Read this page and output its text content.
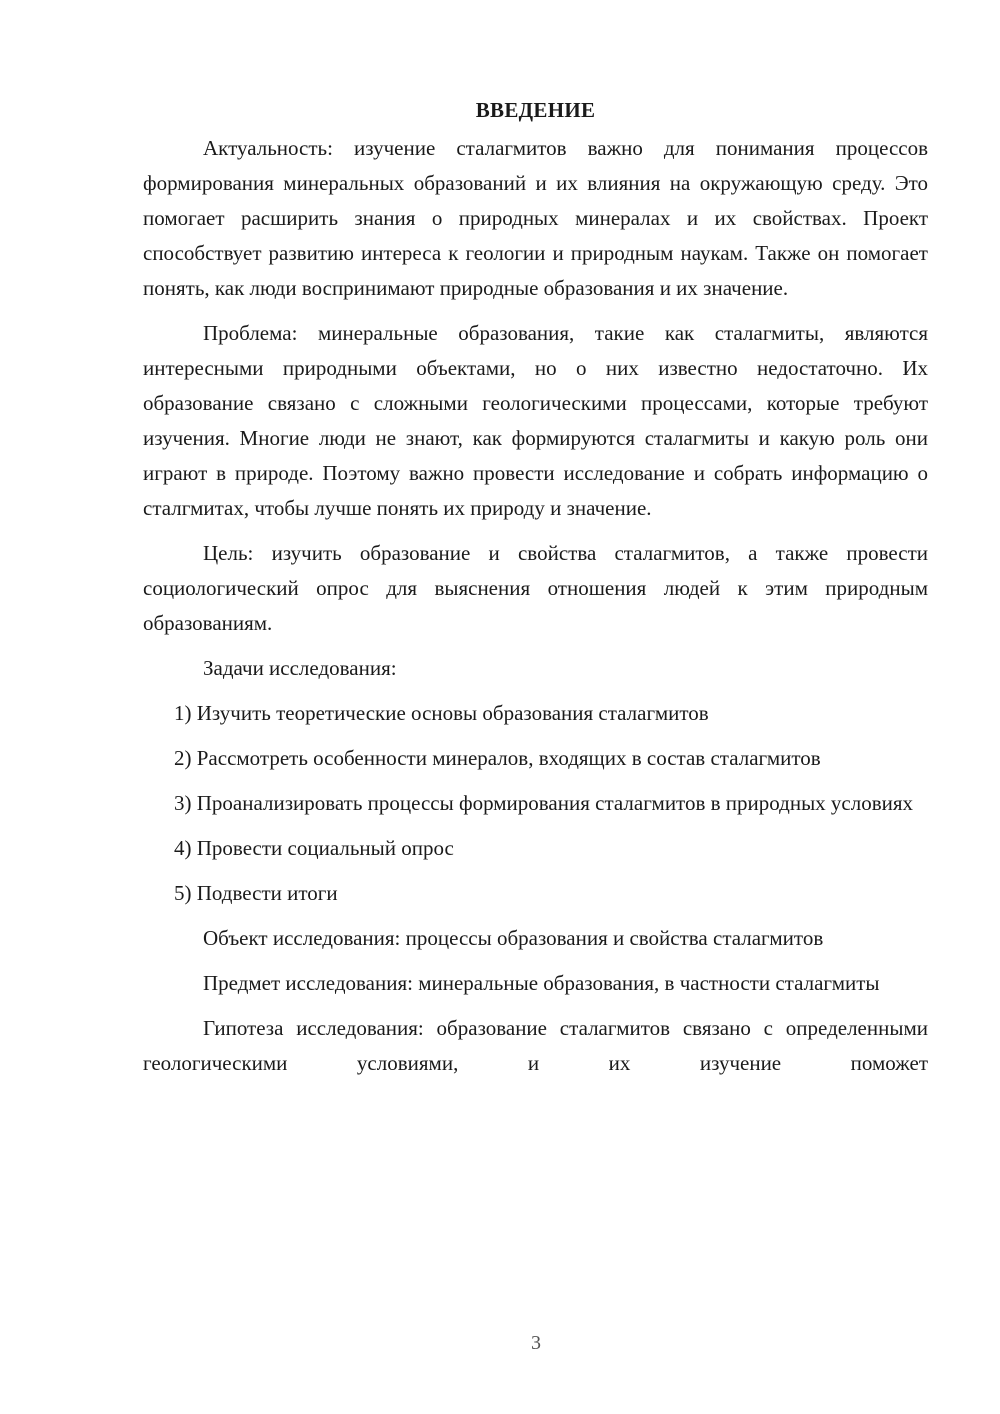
ВВЕДЕНИЕ

Актуальность: изучение сталагмитов важно для понимания процессов формирования минеральных образований и их влияния на окружающую среду. Это помогает расширить знания о природных минералах и их свойствах. Проект способствует развитию интереса к геологии и природным наукам. Также он помогает понять, как люди воспринимают природные образования и их значение.

Проблема: минеральные образования, такие как сталагмиты, являются интересными природными объектами, но о них известно недостаточно. Их образование связано с сложными геологическими процессами, которые требуют изучения. Многие люди не знают, как формируются сталагмиты и какую роль они играют в природе. Поэтому важно провести исследование и собрать информацию о сталгмитах, чтобы лучше понять их природу и значение.

Цель: изучить образование и свойства сталагмитов, а также провести социологический опрос для выяснения отношения людей к этим природным образованиям.

Задачи исследования:

1) Изучить теоретические основы образования сталагмитов

2) Рассмотреть особенности минералов, входящих в состав сталагмитов

3) Проанализировать процессы формирования сталагмитов в природных условиях

4) Провести социальный опрос

5) Подвести итоги

Объект исследования: процессы образования и свойства сталагмитов

Предмет исследования: минеральные образования, в частности сталагмиты

Гипотеза исследования: образование сталагмитов связано с определенными геологическими условиями, и их изучение поможет

3
